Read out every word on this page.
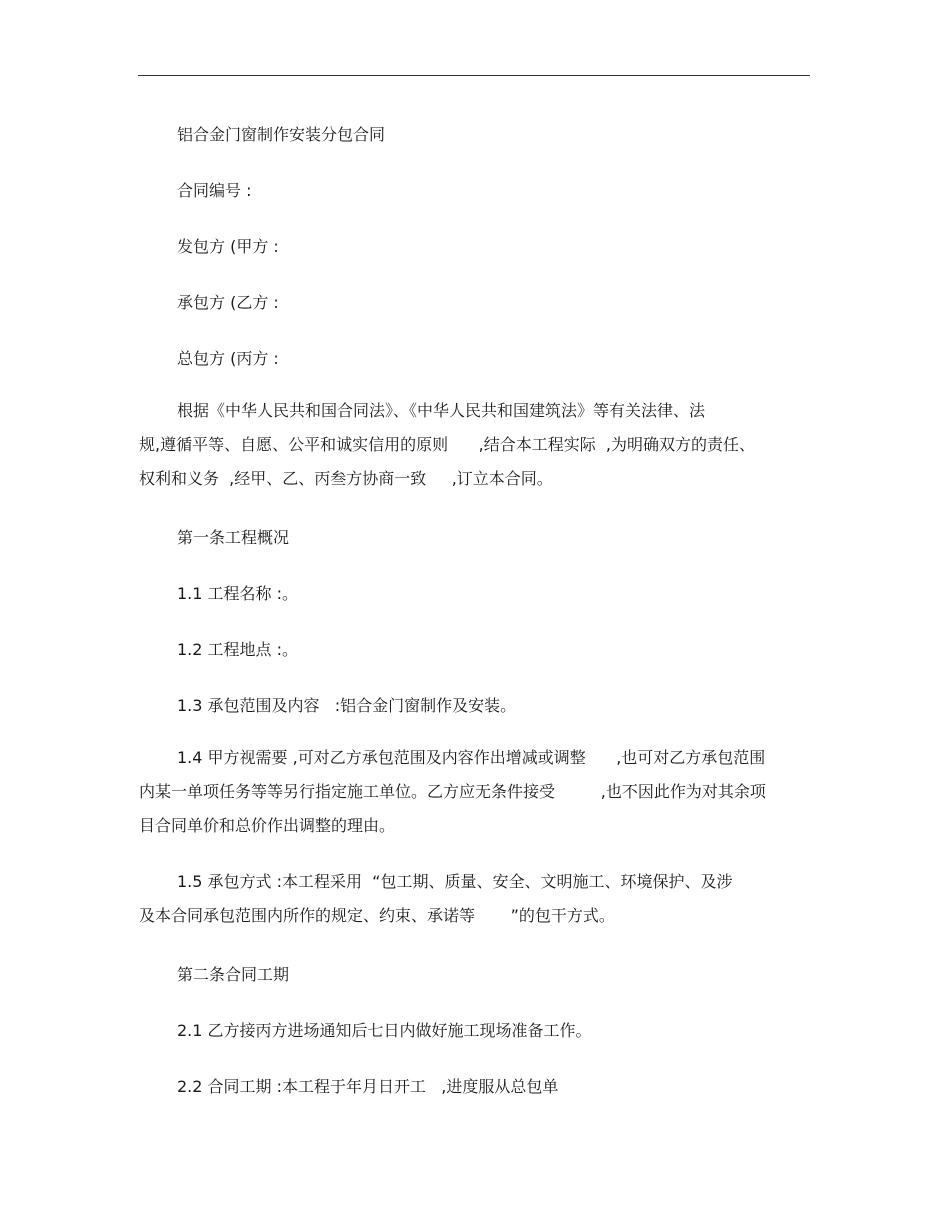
铝合金门窗制作安装分包合同

合同编号 :

发包方 (甲方 :

承包方 (乙方 :

总包方 (丙方 :

根据《中华人民共和国合同法》、《中华人民共和国建筑法》等有关法律、法

规,遵循平等、自愿、公平和诚实信用的原则      ,结合本工程实际  ,为明确双方的责任、

权利和义务  ,经甲、乙、丙叁方协商一致     ,订立本合同。

第一条工程概况

1.1 工程名称 :。

1.2 工程地点 :。

1.3 承包范围及内容   :铝合金门窗制作及安装。

1.4 甲方视需要 ,可对乙方承包范围及内容作出增减或调整      ,也可对乙方承包范围

内某一单项任务等等另行指定施工单位。乙方应无条件接受         ,也不因此作为对其余项

目合同单价和总价作出调整的理由。

1.5 承包方式 :本工程采用  “包工期、质量、安全、文明施工、环境保护、及涉

及本合同承包范围内所作的规定、约束、承诺等       ”的包干方式。

第二条合同工期

2.1 乙方接丙方进场通知后七日内做好施工现场准备工作。

2.2 合同工期 :本工程于年月日开工   ,进度服从总包单
